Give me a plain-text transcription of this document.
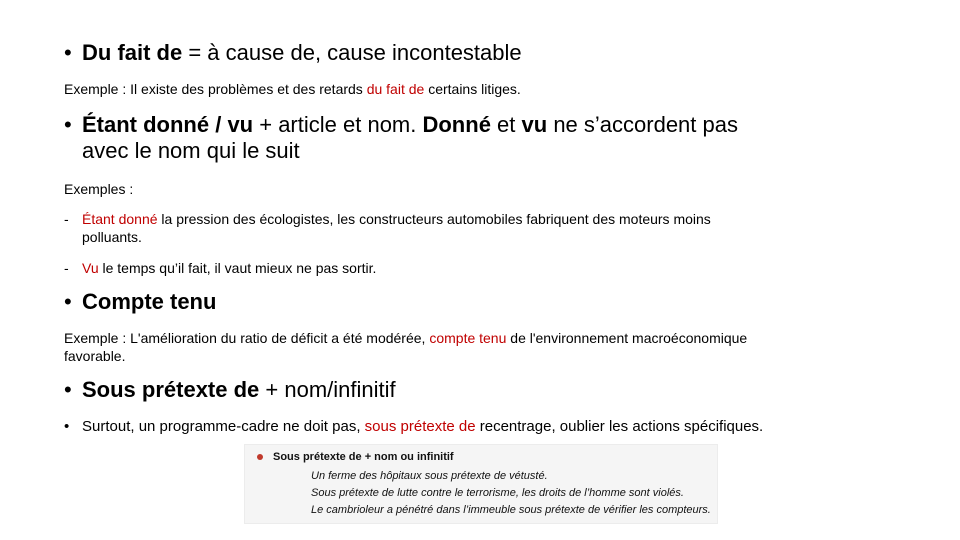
• Du fait de = à cause de, cause incontestable
Exemple : Il existe des problèmes et des retards du fait de certains litiges.
• Étant donné / vu + article et nom. Donné et vu ne s’accordent pas
avec le nom qui le suit
Exemples :
- Étant donné la pression des écologistes, les constructeurs automobiles fabriquent des moteurs moins
polluants.
- Vu le temps qu’il fait, il vaut mieux ne pas sortir.
• Compte tenu
Exemple : L'amélioration du ratio de déficit a été modérée, compte tenu de l'environnement macroéconomique
favorable.
• Sous prétexte de + nom/infinitif
• Surtout, un programme-cadre ne doit pas, sous prétexte de recentrage, oublier les actions spécifiques.
Sous prétexte de + nom ou infinitif
Un ferme des hôpitaux sous prétexte de vétusté.
Sous prétexte de lutte contre le terrorisme, les droits de l’homme sont violés.
Le cambrioleur a pénétré dans l’immeuble sous prétexte de vérifier les compteurs.
